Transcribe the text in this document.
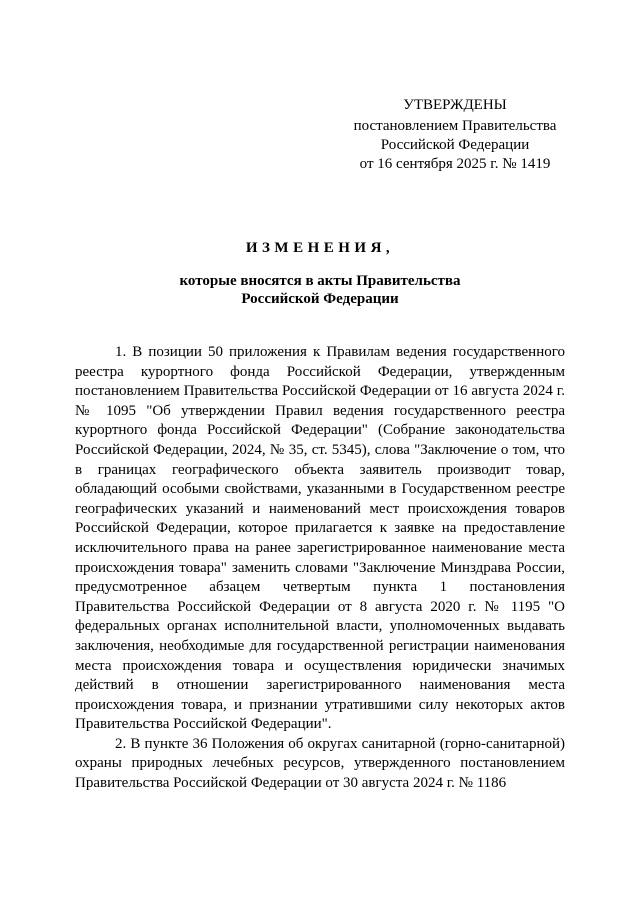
УТВЕРЖДЕНЫ
постановлением Правительства
Российской Федерации
от 16 сентября 2025 г. № 1419
ИЗМЕНЕНИЯ,
которые вносятся в акты Правительства
Российской Федерации

1. В позиции 50 приложения к Правилам ведения государственного реестра курортного фонда Российской Федерации, утвержденным постановлением Правительства Российской Федерации от 16 августа 2024 г. № 1095 "Об утверждении Правил ведения государственного реестра курортного фонда Российской Федерации" (Собрание законодательства Российской Федерации, 2024, № 35, ст. 5345), слова "Заключение о том, что в границах географического объекта заявитель производит товар, обладающий особыми свойствами, указанными в Государственном реестре географических указаний и наименований мест происхождения товаров Российской Федерации, которое прилагается к заявке на предоставление исключительного права на ранее зарегистрированное наименование места происхождения товара" заменить словами "Заключение Минздрава России, предусмотренное абзацем четвертым пункта 1 постановления Правительства Российской Федерации от 8 августа 2020 г. № 1195 "О федеральных органах исполнительной власти, уполномоченных выдавать заключения, необходимые для государственной регистрации наименования места происхождения товара и осуществления юридически значимых действий в отношении зарегистрированного наименования места происхождения товара, и признании утратившими силу некоторых актов Правительства Российской Федерации".

2. В пункте 36 Положения об округах санитарной (горно-санитарной) охраны природных лечебных ресурсов, утвержденного постановлением Правительства Российской Федерации от 30 августа 2024 г. № 1186
